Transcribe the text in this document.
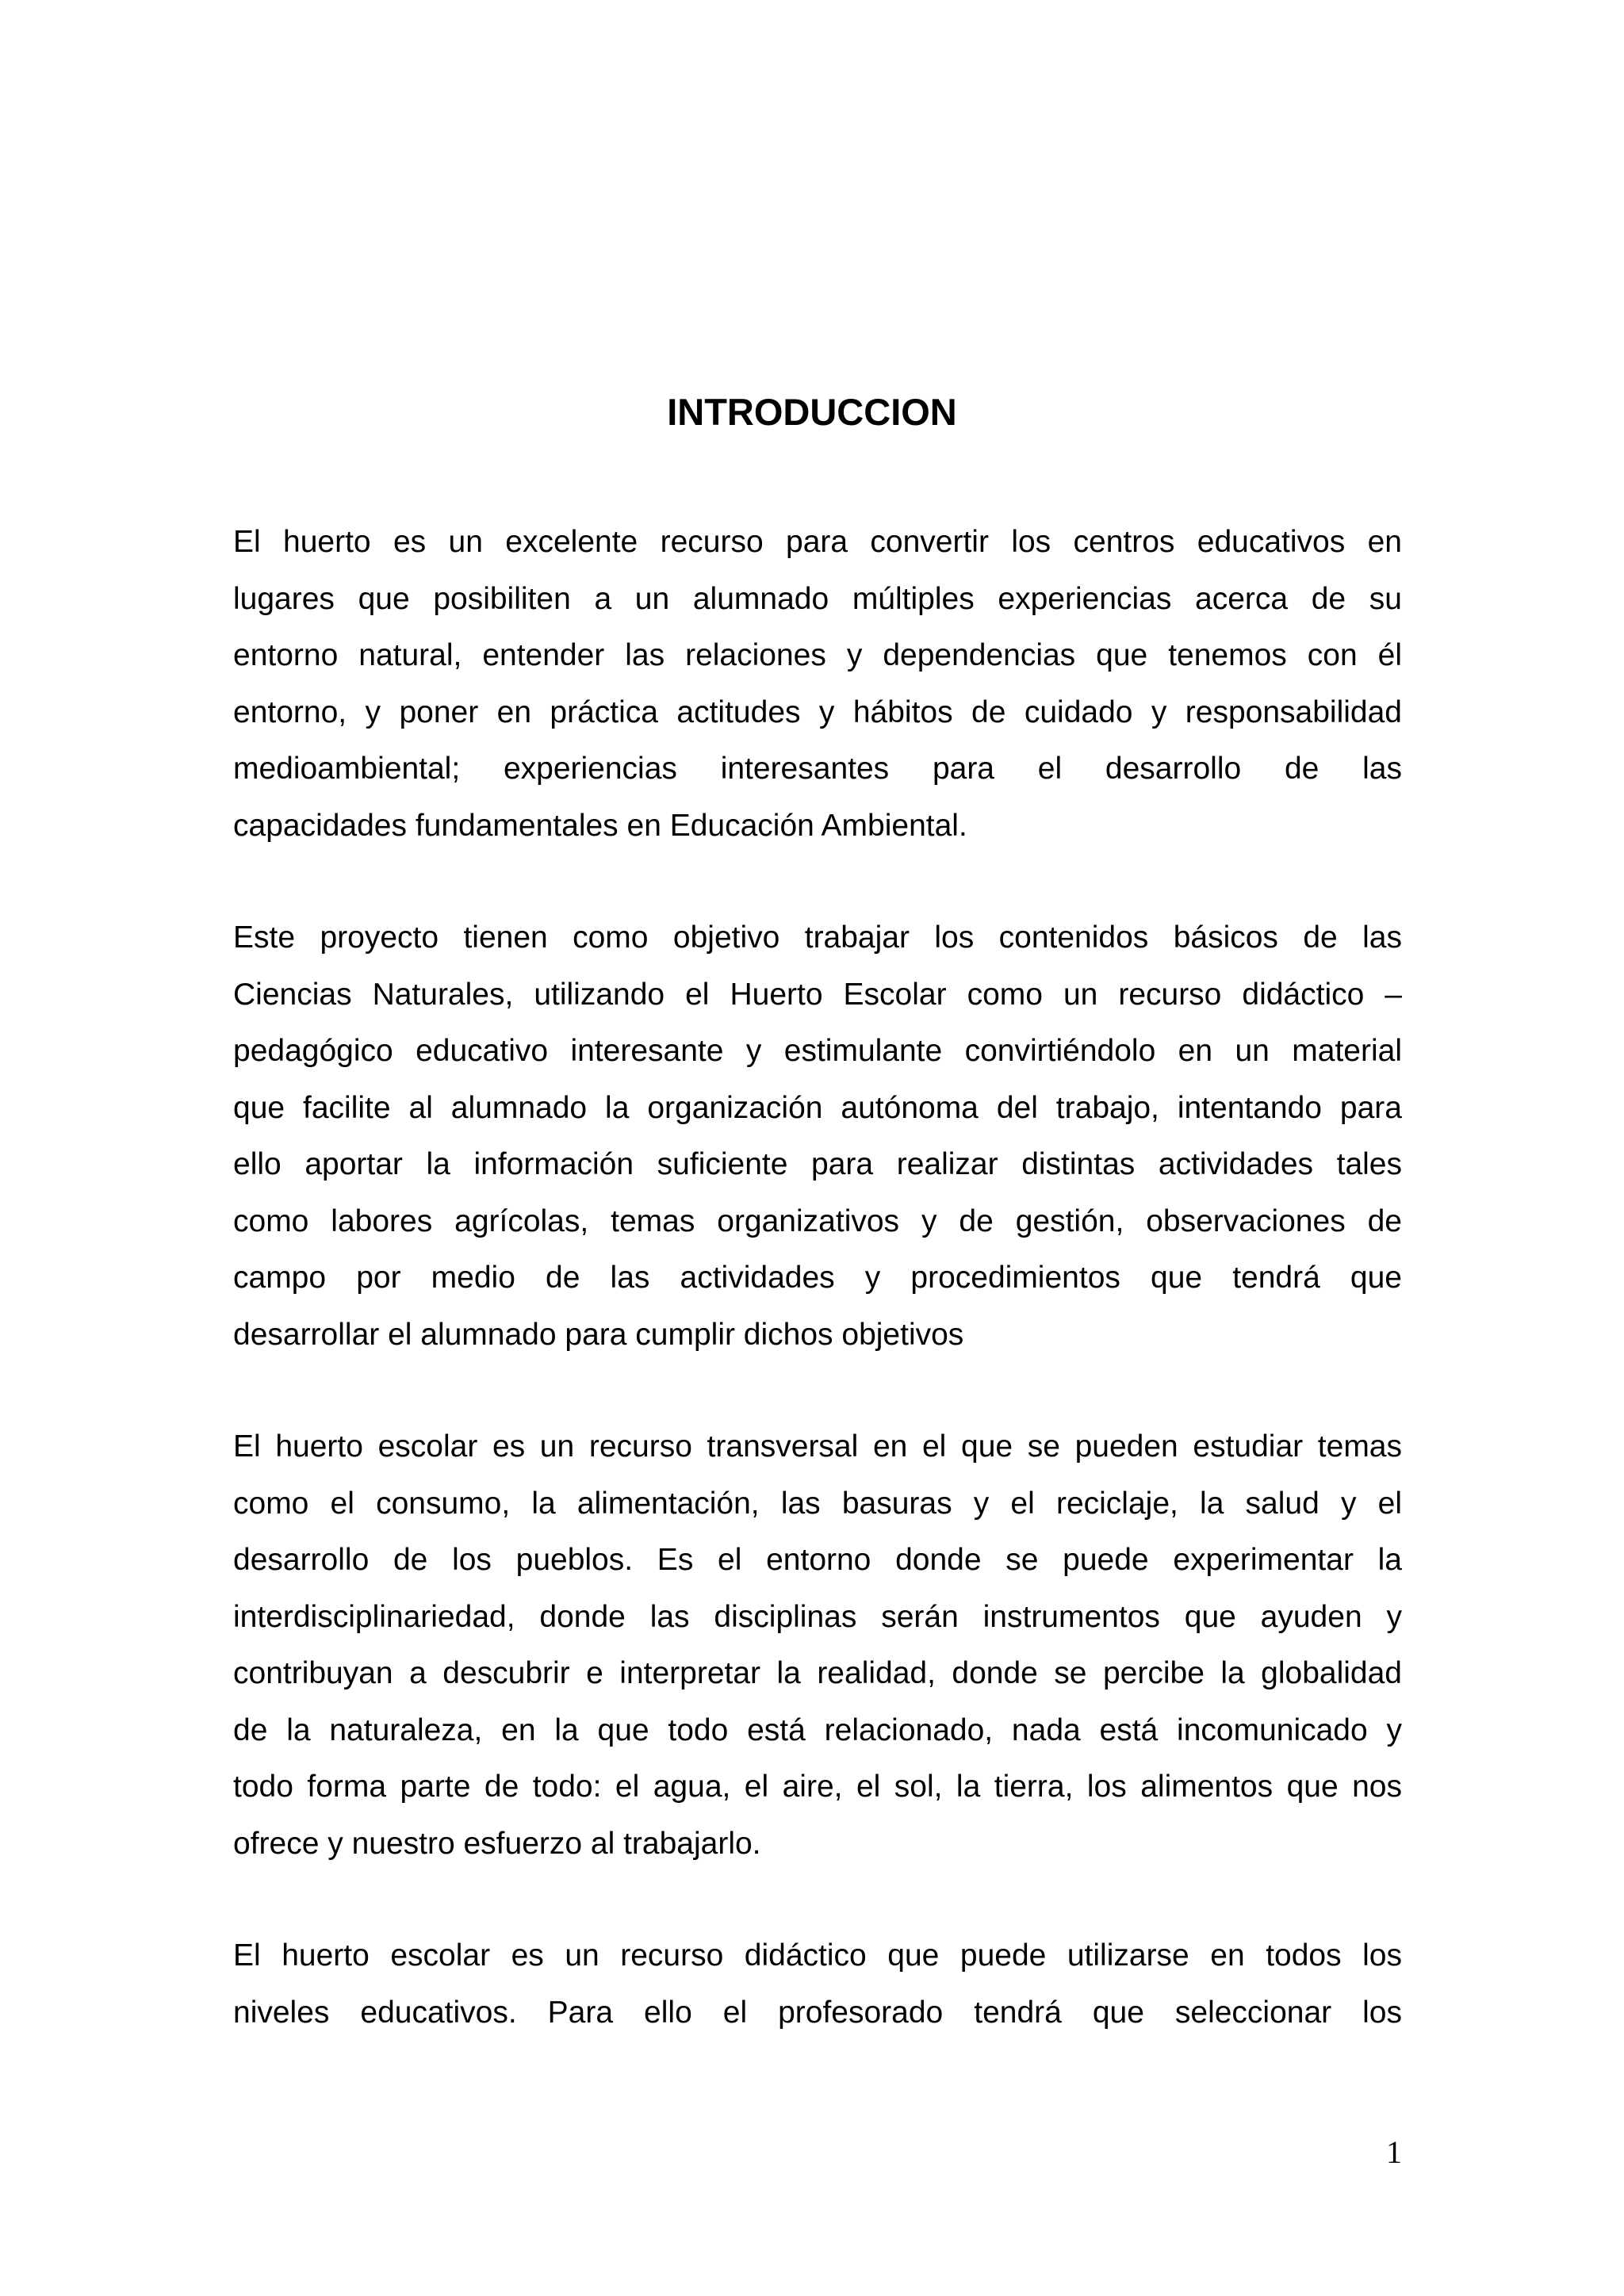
INTRODUCCION

El huerto es un excelente recurso para convertir los centros educativos en
lugares que posibiliten a un alumnado múltiples experiencias acerca de su
entorno natural, entender las relaciones y dependencias que tenemos con él
entorno, y poner en práctica actitudes y hábitos de cuidado y responsabilidad
medioambiental; experiencias interesantes para el desarrollo de las
capacidades fundamentales en Educación Ambiental.

Este proyecto tienen como objetivo trabajar los contenidos básicos de las
Ciencias Naturales, utilizando el Huerto Escolar como un recurso didáctico –
pedagógico educativo interesante y estimulante convirtiéndolo en un material
que facilite al alumnado la organización autónoma del trabajo, intentando para
ello aportar la información suficiente para realizar distintas actividades tales
como labores agrícolas, temas organizativos y de gestión, observaciones de
campo por medio de las actividades y procedimientos que tendrá que
desarrollar el alumnado para cumplir dichos objetivos

El huerto escolar es un recurso transversal en el que se pueden estudiar temas
como el consumo, la alimentación, las basuras y el reciclaje, la salud y el
desarrollo de los pueblos. Es el entorno donde se puede experimentar la
interdisciplinariedad, donde las disciplinas serán instrumentos que ayuden y
contribuyan a descubrir e interpretar la realidad, donde se percibe la globalidad
de la naturaleza, en la que todo está relacionado, nada está incomunicado y
todo forma parte de todo: el agua, el aire, el sol, la tierra, los alimentos que nos
ofrece y nuestro esfuerzo al trabajarlo.

El huerto escolar es un recurso didáctico que puede utilizarse en todos los
niveles educativos. Para ello el profesorado tendrá que seleccionar los

1
